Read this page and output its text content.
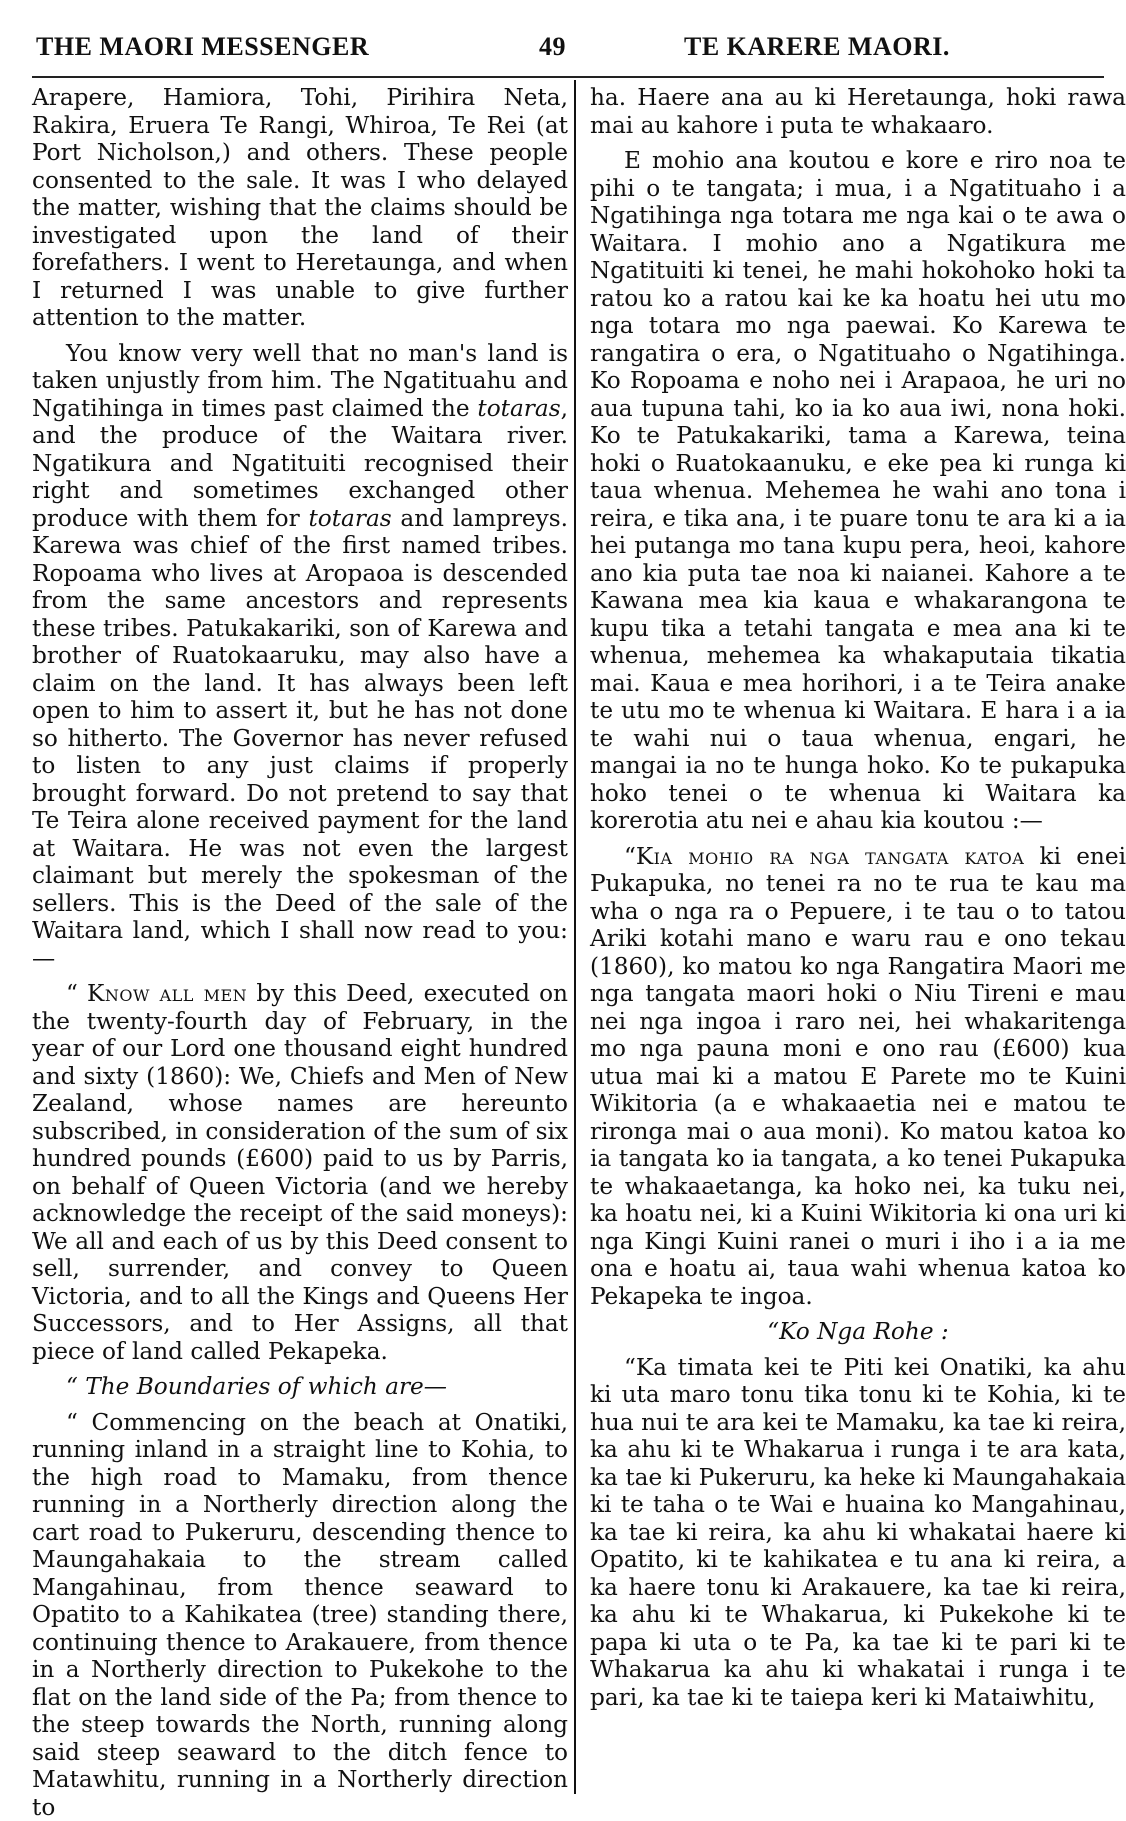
THE MAORI MESSENGER	49	TE KARERE MAORI.

Arapere, Hamiora, Tohi, Pirihira Neta, Rakira, Eruera Te Rangi, Whiroa, Te Rei (at Port Nicholson,) and others. These people consented to the sale. It was I who delayed the matter, wishing that the claims should be investigated upon the land of their forefathers. I went to Heretaunga, and when I returned I was unable to give further attention to the matter.

You know very well that no man's land is taken unjustly from him. The Ngatituahu and Ngatihinga in times past claimed the totaras, and the produce of the Waitara river. Ngatikura and Ngatituiti recognised their right and sometimes exchanged other produce with them for totaras and lampreys. Karewa was chief of the first named tribes. Ropoama who lives at Aropaoa is descended from the same ancestors and represents these tribes. Patukakariki, son of Karewa and brother of Ruatokaaruku, may also have a claim on the land. It has always been left open to him to assert it, but he has not done so hitherto. The Governor has never refused to listen to any just claims if properly brought forward. Do not pretend to say that Te Teira alone received payment for the land at Waitara. He was not even the largest claimant but merely the spokesman of the sellers. This is the Deed of the sale of the Waitara land, which I shall now read to you:—

“ Know all men by this Deed, executed on the twenty-fourth day of February, in the year of our Lord one thousand eight hundred and sixty (1860): We, Chiefs and Men of New Zealand, whose names are hereunto subscribed, in consideration of the sum of six hundred pounds (£600) paid to us by Parris, on behalf of Queen Victoria (and we hereby acknowledge the receipt of the said moneys): We all and each of us by this Deed consent to sell, surrender, and convey to Queen Victoria, and to all the Kings and Queens Her Successors, and to Her Assigns, all that piece of land called Pekapeka.

“ The Boundaries of which are—

“ Commencing on the beach at Onatiki, running inland in a straight line to Kohia, to the high road to Mamaku, from thence running in a Northerly direction along the cart road to Pukeruru, descending thence to Maungahakaia to the stream called Mangahinau, from thence seaward to Opatito to a Kahikatea (tree) standing there, continuing thence to Arakauere, from thence in a Northerly direction to Pukekohe to the flat on the land side of the Pa; from thence to the steep towards the North, running along said steep seaward to the ditch fence to Matawhitu, running in a Northerly direction to

ha. Haere ana au ki Heretaunga, hoki rawa mai au kahore i puta te whakaaro.

E mohio ana koutou e kore e riro noa te pihi o te tangata; i mua, i a Ngatituaho i a Ngatihinga nga totara me nga kai o te awa o Waitara. I mohio ano a Ngatikura me Ngatituiti ki tenei, he mahi hokohoko hoki ta ratou ko a ratou kai ke ka hoatu hei utu mo nga totara mo nga paewai. Ko Karewa te rangatira o era, o Ngatituaho o Ngatihinga. Ko Ropoama e noho nei i Arapaoa, he uri no aua tupuna tahi, ko ia ko aua iwi, nona hoki. Ko te Patukakariki, tama a Karewa, teina hoki o Ruatokaanuku, e eke pea ki runga ki taua whenua. Mehemea he wahi ano tona i reira, e tika ana, i te puare tonu te ara ki a ia hei putanga mo tana kupu pera, heoi, kahore ano kia puta tae noa ki naianei. Kahore a te Kawana mea kia kaua e whakarangona te kupu tika a tetahi tangata e mea ana ki te whenua, mehemea ka whakaputaia tikatia mai. Kaua e mea horihori, i a te Teira anake te utu mo te whenua ki Waitara. E hara i a ia te wahi nui o taua whenua, engari, he mangai ia no te hunga hoko. Ko te pukapuka hoko tenei o te whenua ki Waitara ka korerotia atu nei e ahau kia koutou :—

“Kia mohio ra nga tangata katoa ki enei Pukapuka, no tenei ra no te rua te kau ma wha o nga ra o Pepuere, i te tau o to tatou Ariki kotahi mano e waru rau e ono tekau (1860), ko matou ko nga Rangatira Maori me nga tangata maori hoki o Niu Tireni e mau nei nga ingoa i raro nei, hei whakaritenga mo nga pauna moni e ono rau (£600) kua utua mai ki a matou E Parete mo te Kuini Wikitoria (a e whakaaetia nei e matou te rironga mai o aua moni). Ko matou katoa ko ia tangata ko ia tangata, a ko tenei Pukapuka te whakaaetanga, ka hoko nei, ka tuku nei, ka hoatu nei, ki a Kuini Wikitoria ki ona uri ki nga Kingi Kuini ranei o muri i iho i a ia me ona e hoatu ai, taua wahi whenua katoa ko Pekapeka te ingoa.

“Ko Nga Rohe :

“Ka timata kei te Piti kei Onatiki, ka ahu ki uta maro tonu tika tonu ki te Kohia, ki te hua nui te ara kei te Mamaku, ka tae ki reira, ka ahu ki te Whakarua i runga i te ara kata, ka tae ki Pukeruru, ka heke ki Maungahakaia ki te taha o te Wai e huaina ko Mangahinau, ka tae ki reira, ka ahu ki whakatai haere ki Opatito, ki te kahikatea e tu ana ki reira, a ka haere tonu ki Arakauere, ka tae ki reira, ka ahu ki te Whakarua, ki Pukekohe ki te papa ki uta o te Pa, ka tae ki te pari ki te Whakarua ka ahu ki whakatai i runga i te pari, ka tae ki te taiepa keri ki Mataiwhitu,
